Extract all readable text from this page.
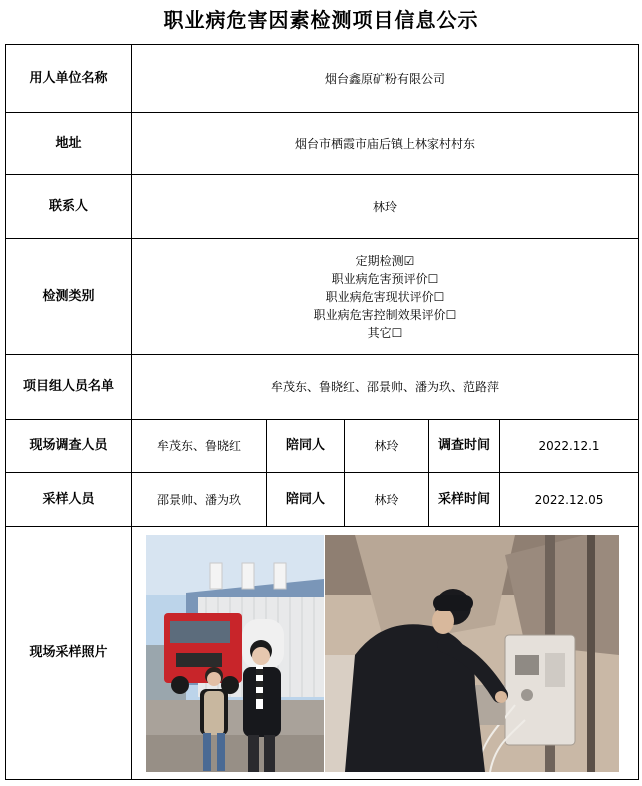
职业病危害因素检测项目信息公示
用人单位名称	烟台鑫原矿粉有限公司				
地址	烟台市栖霞市庙后镇上林家村村东				
联系人	林玲				
检测类别	定期检测☑
职业病危害预评价☐
职业病危害现状评价☐
职业病危害控制效果评价☐
其它☐				

项目组人员名单	牟茂东、鲁晓红、邵景帅、潘为玖、范路萍				
现场调查人员	牟茂东、鲁晓红	陪同人	林玲	调查时间	2022.12.1
采样人员	邵景帅、潘为玖	陪同人	林玲	采样时间	2022.12.05
现场采样照片	
